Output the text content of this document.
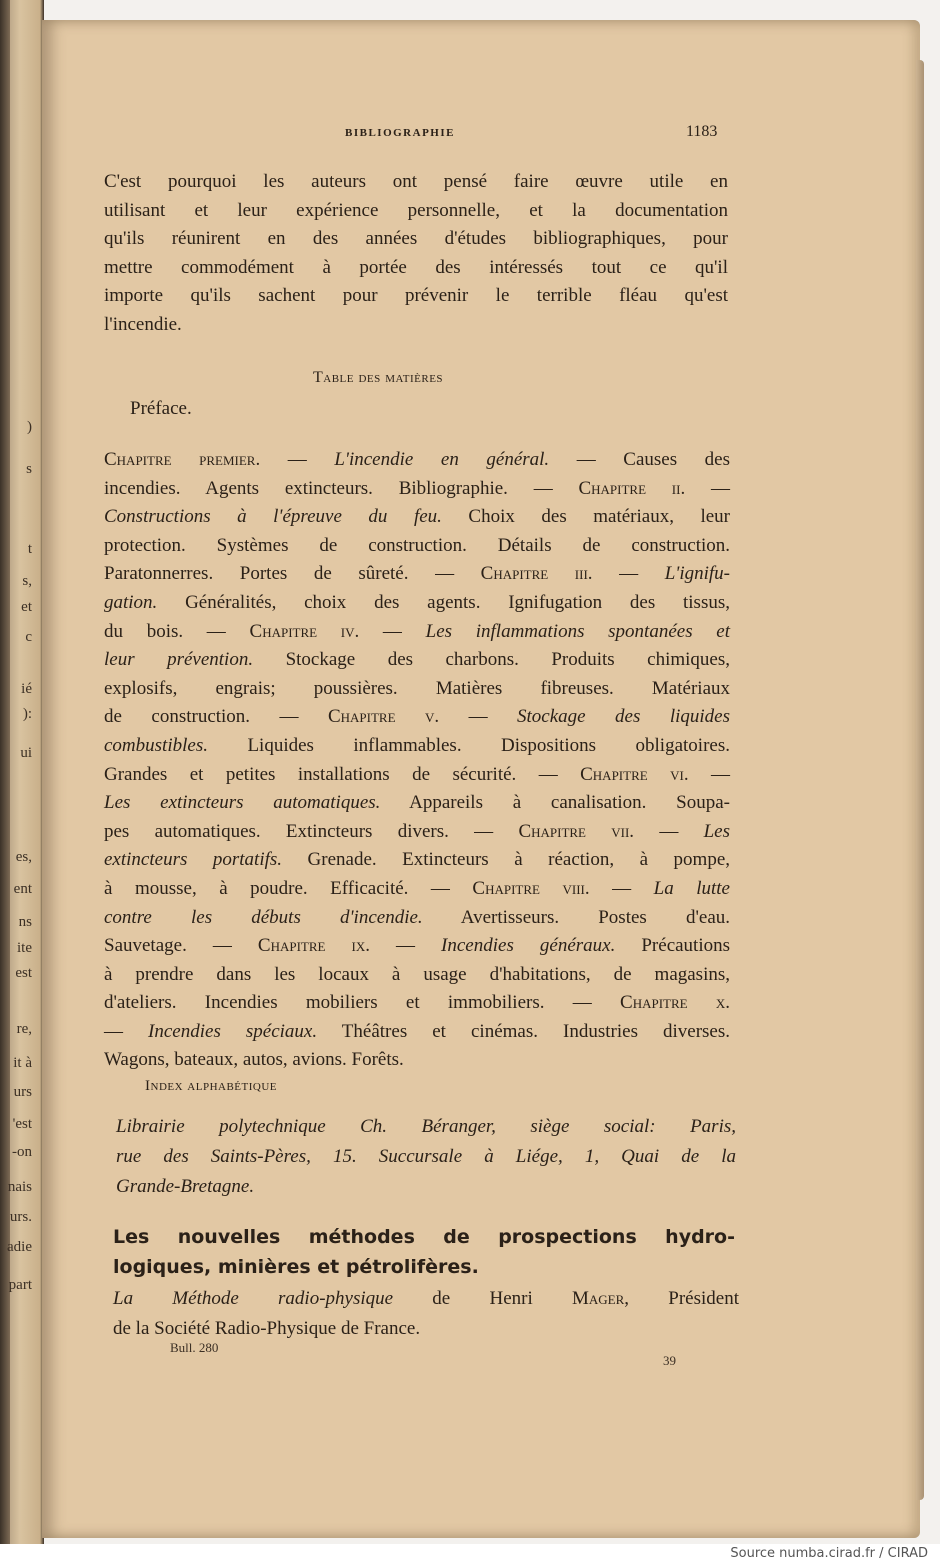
)
s
t
s,
et
c
ié
):
ui
es,
ent
ns
ite
est
re,
it à
urs
'est
-on
nais
urs.
adie
part
BIBLIOGRAPHIE	1183
C'est pourquoi les auteurs ont pensé faire œuvre utile en
utilisant et leur expérience personnelle, et la documentation
qu'ils réunirent en des années d'études bibliographiques, pour
mettre commodément à portée des intéressés tout ce qu'il
importe qu'ils sachent pour prévenir le terrible fléau qu'est
l'incendie.
Table des matières
Préface.
Chapitre premier. — L'incendie en général. — Causes des
incendies. Agents extincteurs. Bibliographie. — Chapitre ii. —
Constructions à l'épreuve du feu. Choix des matériaux, leur
protection. Systèmes de construction. Détails de construction.
Paratonnerres. Portes de sûreté. — Chapitre iii. — L'ignifu-
gation. Généralités, choix des agents. Ignifugation des tissus,
du bois. — Chapitre iv. — Les inflammations spontanées et
leur prévention. Stockage des charbons. Produits chimiques,
explosifs, engrais; poussières. Matières fibreuses. Matériaux
de construction. — Chapitre v. — Stockage des liquides
combustibles. Liquides inflammables. Dispositions obligatoires.
Grandes et petites installations de sécurité. — Chapitre vi. —
Les extincteurs automatiques. Appareils à canalisation. Soupa-
pes automatiques. Extincteurs divers. — Chapitre vii. — Les
extincteurs portatifs. Grenade. Extincteurs à réaction, à pompe,
à mousse, à poudre. Efficacité. — Chapitre viii. — La lutte
contre les débuts d'incendie. Avertisseurs. Postes d'eau.
Sauvetage. — Chapitre ix. — Incendies généraux. Précautions
à prendre dans les locaux à usage d'habitations, de magasins,
d'ateliers. Incendies mobiliers et immobiliers. — Chapitre x.
— Incendies spéciaux. Théâtres et cinémas. Industries diverses.
Wagons, bateaux, autos, avions. Forêts.
Index alphabétique
Librairie polytechnique Ch. Béranger, siège social: Paris,
rue des Saints-Pères, 15. Succursale à Liége, 1, Quai de la
Grande-Bretagne.
Les nouvelles méthodes de prospections hydro-
logiques, minières et pétrolifères.
La Méthode radio-physique de Henri Mager, Président
de la Société Radio-Physique de France.
Bull. 280
39
Source numba.cirad.fr / CIRAD
